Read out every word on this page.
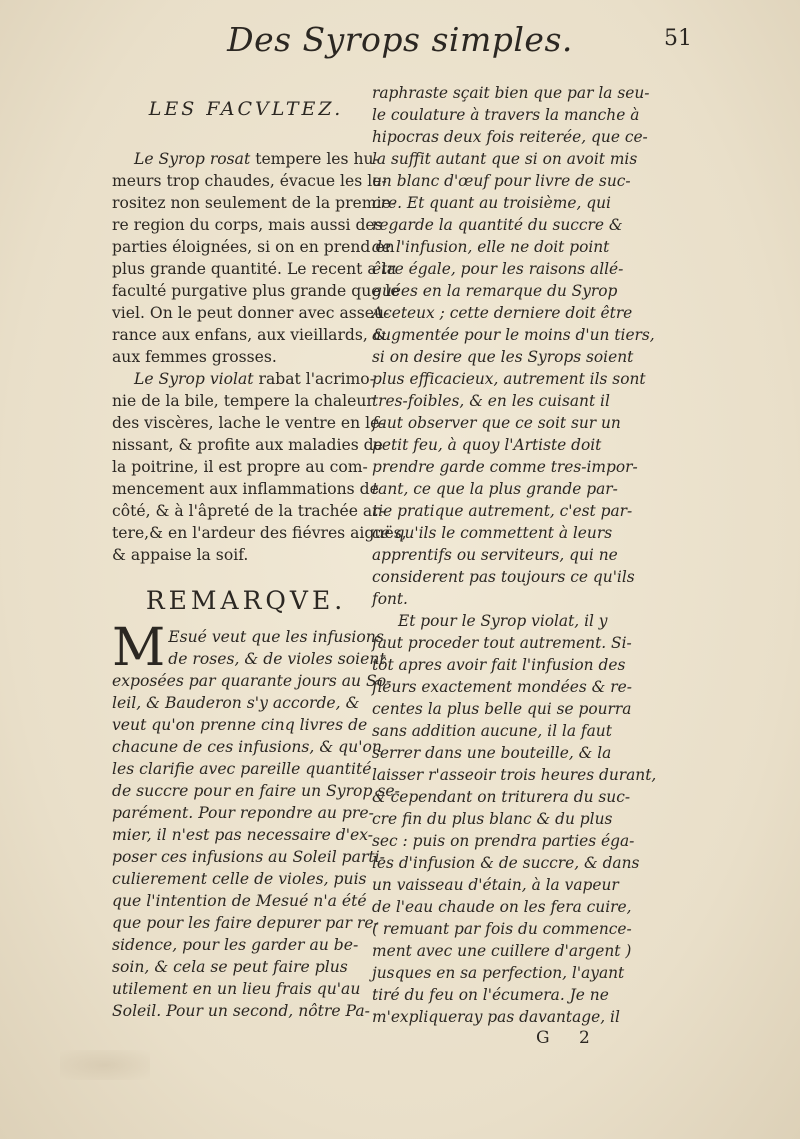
Des Syrops simples.	51
LES FACVLTEZ.
Le Syrop rosat tempere les hu-
meurs trop chaudes, évacue les le-
rositez non seulement de la premie-
re region du corps, mais aussi des
parties éloignées, si on en prend en
plus grande quantité. Le recent a la
faculté purgative plus grande que le
viel. On le peut donner avec asseu-
rance aux enfans, aux vieillards, &
aux femmes grosses.
Le Syrop violat rabat l'acrimo-
nie de la bile, tempere la chaleur
des viscères, lache le ventre en le-
nissant, & profite aux maladies de
la poitrine, il est propre au com-
mencement aux inflammations de
côté, & à l'âpreté de la trachée ar-
tere,& en l'ardeur des fiévres aiguës,
& appaise la soif.
REMARQVE.
M Esué veut que les infusions
de roses, & de violes soient
exposées par quarante jours au So-
leil, & Bauderon s'y accorde, &
veut qu'on prenne cinq livres de
chacune de ces infusions, & qu'on
les clarifie avec pareille quantité
de succre pour en faire un Syrop se-
parément. Pour repondre au pre-
mier, il n'est pas necessaire d'ex-
poser ces infusions au Soleil parti-
culierement celle de violes, puis
que l'intention de Mesué n'a été
que pour les faire depurer par re-
sidence, pour les garder au be-
soin, & cela se peut faire plus
utilement en un lieu frais qu'au
Soleil. Pour un second, nôtre Pa-
raphraste sçait bien que par la seu-
le coulature à travers la manche à
hipocras deux fois reiterée, que ce-
la suffit autant que si on avoit mis
un blanc d'œuf pour livre de suc-
cre. Et quant au troisième, qui
regarde la quantité du succre &
de l'infusion, elle ne doit point
être égale, pour les raisons allé-
guées en la remarque du Syrop
Aceteux ; cette derniere doit être
augmentée pour le moins d'un tiers,
si on desire que les Syrops soient
plus efficacieux, autrement ils sont
tres-foibles, & en les cuisant il
faut observer que ce soit sur un
petit feu, à quoy l'Artiste doit
prendre garde comme tres-impor-
tant, ce que la plus grande par-
tie pratique autrement, c'est par-
ce qu'ils le commettent à leurs
apprentifs ou serviteurs, qui ne
considerent pas toujours ce qu'ils
font.
Et pour le Syrop violat, il y
faut proceder tout autrement. Si-
tôt apres avoir fait l'infusion des
fleurs exactement mondées & re-
centes la plus belle qui se pourra
sans addition aucune, il la faut
serrer dans une bouteille, & la
laisser r'asseoir trois heures durant,
& cependant on triturera du suc-
cre fin du plus blanc & du plus
sec : puis on prendra parties éga-
les d'infusion & de succre, & dans
un vaisseau d'étain, à la vapeur
de l'eau chaude on les fera cuire,
( remuant par fois du commence-
ment avec une cuillere d'argent )
jusques en sa perfection, l'ayant
tiré du feu on l'écumera. Je ne
m'expliqueray pas davantage, il
G 2
